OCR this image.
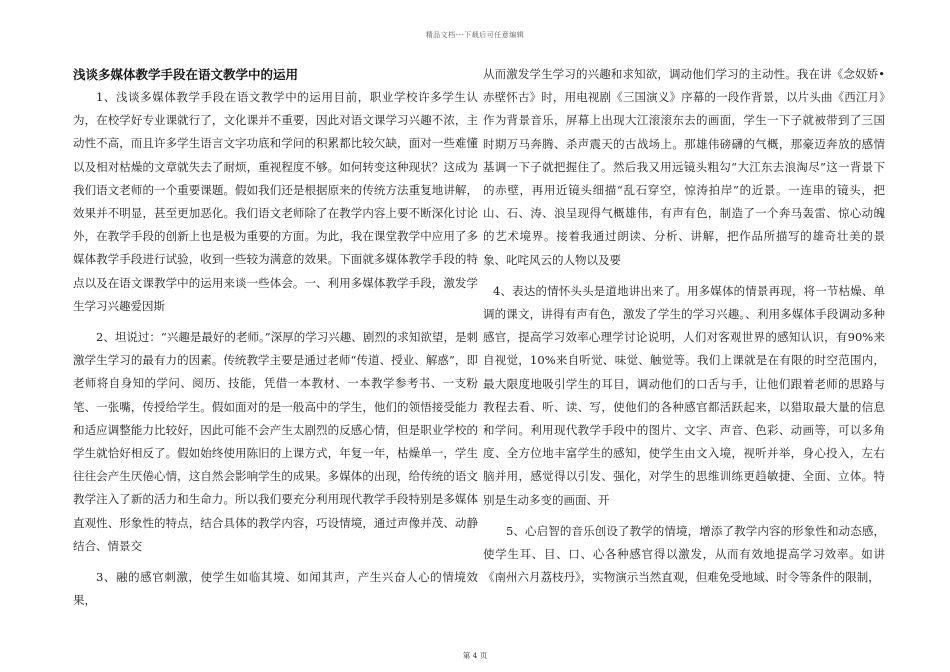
精品文档---下载后可任意编辑
浅谈多媒体教学手段在语文教学中的运用

1、浅谈多媒体教学手段在语文教学中的运用目前，职业学校许多学生认为，在校学好专业课就行了，文化课并不重要，因此对语文课学习兴趣不浓，主动性不高，而且许多学生语言文字功底和学问的积累都比较欠缺，面对一些难懂以及相对枯燥的文章就失去了耐烦，重视程度不够。如何转变这种现状？这成为我们语文老师的一个重要课题。假如我们还是根据原来的传统方法重复地讲解，效果并不明显，甚至更加恶化。我们语文老师除了在教学内容上要不断深化讨论外，在教学手段的创新上也是极为重要的方面。为此，我在课堂教学中应用了多媒体教学手段进行试验，收到一些较为满意的效果。下面就多媒体教学手段的特点以及在语文课教学中的运用来谈一些体会。一、利用多媒体教学手段，激发学生学习兴趣爱因斯

2、坦说过：“兴趣是最好的老师。”深厚的学习兴趣、剧烈的求知欲望，是刺激学生学习的最有力的因素。传统教学主要是通过老师“传道、授业、解惑”，即老师将自身知的学问、阅历、技能，凭借一本教材、一本教学参考书、一支粉笔、一张嘴，传授给学生。假如面对的是一般高中的学生，他们的领悟接受能力和适应调整能力比较好，因此可能不会产生太剧烈的反感心情，但是职业学校的学生就恰好相反了。假如始终使用陈旧的上课方式，年复一年，枯燥单一，学生往往会产生厌倦心情，这自然会影响学生的成果。多媒体的出现，给传统的语文教学注入了新的活力和生命力。所以我们要充分利用现代教学手段特别是多媒体直观性、形象性的特点，结合具体的教学内容，巧设情境，通过声像并茂、动静结合、情景交

3、融的感官刺激，使学生如临其境、如闻其声，产生兴奋人心的情境效果，

从而激发学生学习的兴趣和求知欲，调动他们学习的主动性。我在讲《念奴娇•赤壁怀古》时，用电视剧《三国演义》序幕的一段作背景，以片头曲《西江月》作为背景音乐，屏幕上出现大江滚滚东去的画面，学生一下子就被带到了三国时期万马奔腾、杀声震天的古战场上。那雄伟磅礴的气概，那豪迈奔放的感情基调一下子就把握住了。然后我又用远镜头粗勾“大江东去浪淘尽”这一背景下的赤壁，再用近镜头细描“乱石穿空，惊涛拍岸”的近景。一连串的镜头，把山、石、涛、浪呈现得气概雄伟，有声有色，制造了一个奔马轰雷、惊心动魄的艺术境界。接着我通过朗读、分析、讲解，把作品所描写的雄奇壮美的景象、叱咤风云的人物以及要

4、表达的情怀头头是道地讲出来了。用多媒体的情景再现，将一节枯燥、单调的课文，讲得有声有色，激发了学生的学习兴趣。、利用多媒体手段调动多种感官，提高学习效率心理学讨论说明，人们对客观世界的感知认识，有90%来自视觉，10%来自听觉、味觉、触觉等。我们上课就是在有限的时空范围内，最大限度地吸引学生的耳目，调动他们的口舌与手，让他们跟着老师的思路与教程去看、听、读、写，使他们的各种感官都活跃起来，以猎取最大量的信息和学问。利用现代教学手段中的图片、文字、声音、色彩、动画等，可以多角度、全方位地丰富学生的感知，使学生由文入境，视听并举，身心投入，左右脑并用，感觉得以引发、强化，对学生的思维训练更趋敏捷、全面、立体。特别是生动多变的画面、开

5、心启智的音乐创设了教学的情境，增添了教学内容的形象性和动态感，使学生耳、目、口、心各种感官得以激发，从而有效地提高学习效率。如讲《南州六月荔枝丹》，实物演示当然直观，但难免受地域、时令等条件的限制，

第 4 页
